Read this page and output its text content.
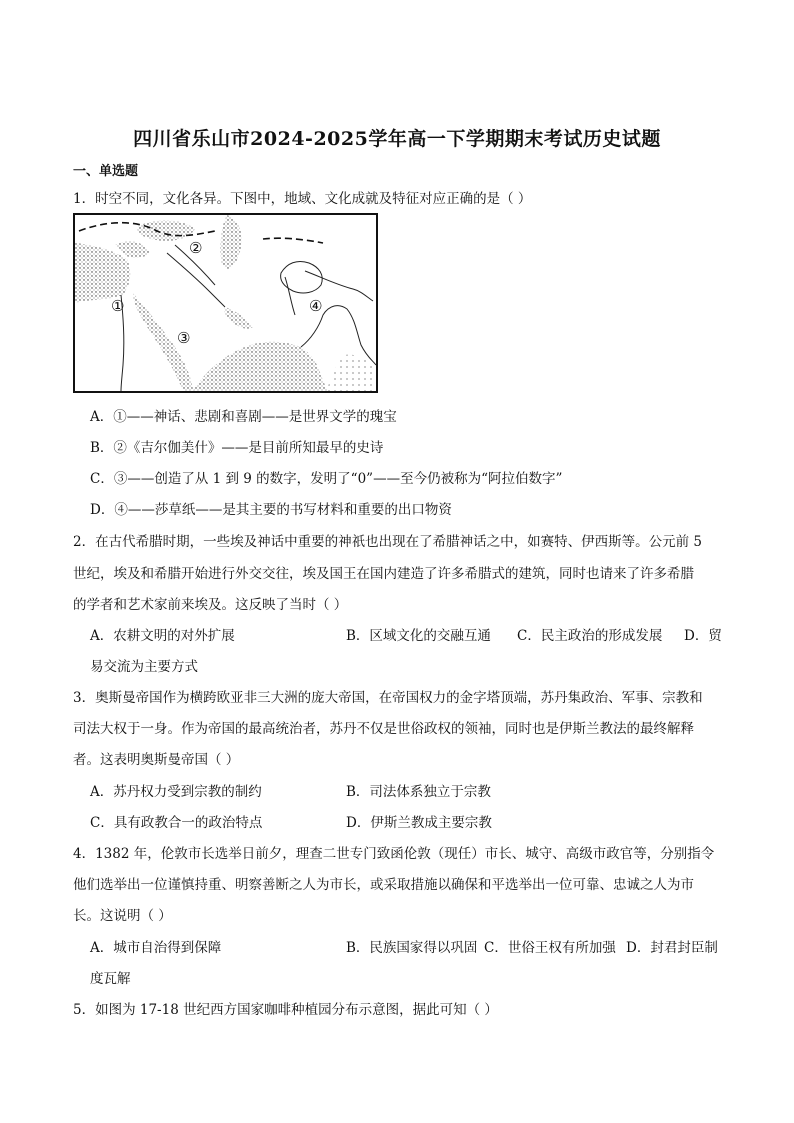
四川省乐山市2024-2025学年高一下学期期末考试历史试题
一、单选题
1．时空不同，文化各异。下图中，地域、文化成就及特征对应正确的是（ ）
①
②
③
④
A．①——神话、悲剧和喜剧——是世界文学的瑰宝
B．②《吉尔伽美什》——是目前所知最早的史诗
C．③——创造了从 1 到 9 的数字，发明了“0”——至今仍被称为“阿拉伯数字”
D．④——莎草纸——是其主要的书写材料和重要的出口物资
2．在古代希腊时期，一些埃及神话中重要的神祇也出现在了希腊神话之中，如赛特、伊西斯等。公元前 5
世纪，埃及和希腊开始进行外交交往，埃及国王在国内建造了许多希腊式的建筑，同时也请来了许多希腊
的学者和艺术家前来埃及。这反映了当时（ ）
A．农耕文明的对外扩展	B．区域文化的交融互通 C．民主政治的形成发展 D．贸
易交流为主要方式
3．奥斯曼帝国作为横跨欧亚非三大洲的庞大帝国，在帝国权力的金字塔顶端，苏丹集政治、军事、宗教和
司法大权于一身。作为帝国的最高统治者，苏丹不仅是世俗政权的领袖，同时也是伊斯兰教法的最终解释
者。这表明奥斯曼帝国（ ）
A．苏丹权力受到宗教的制约	B．司法体系独立于宗教
C．具有政教合一的政治特点	D．伊斯兰教成主要宗教
4．1382 年，伦敦市长选举日前夕，理查二世专门致函伦敦（现任）市长、城守、高级市政官等，分别指令
他们选举出一位谨慎持重、明察善断之人为市长，或采取措施以确保和平选举出一位可靠、忠诚之人为市
长。这说明（ ）
A．城市自治得到保障	B．民族国家得以巩固 C．世俗王权有所加强 D．封君封臣制
度瓦解
5．如图为 17-18 世纪西方国家咖啡种植园分布示意图，据此可知（ ）
